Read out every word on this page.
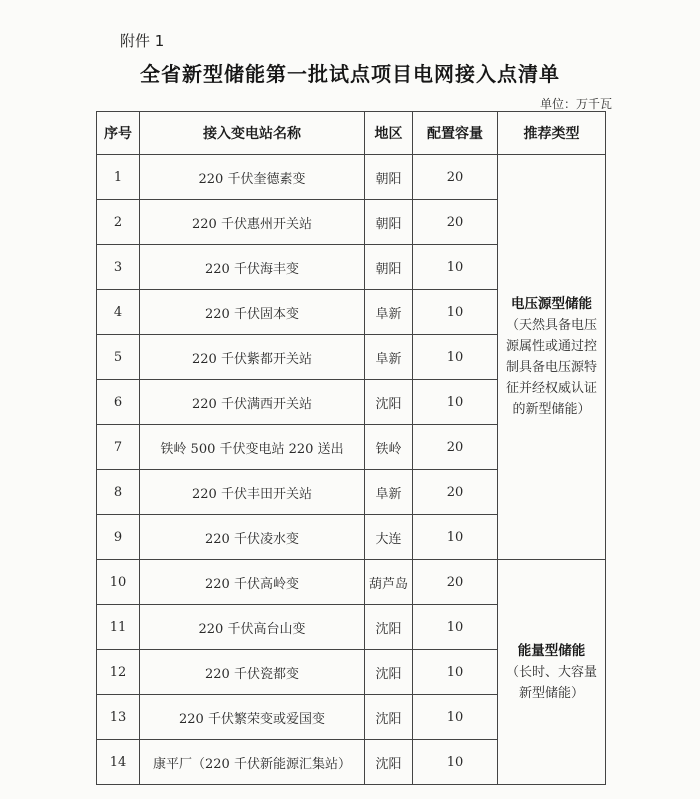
附件 1
全省新型储能第一批试点项目电网接入点清单
单位：万千瓦
序号	接入变电站名称	地区	配置容量	推荐类型
1	220 千伏奎德素变	朝阳	20	电压源型储能
（天然具备电压源属性或通过控制具备电压源特征并经权威认证的新型储能）

2	220 千伏惠州开关站	朝阳	20	
3	220 千伏海丰变	朝阳	10	
4	220 千伏固本变	阜新	10	
5	220 千伏紫都开关站	阜新	10	
6	220 千伏满西开关站	沈阳	10	
7	铁岭 500 千伏变电站 220 送出	铁岭	20	
8	220 千伏丰田开关站	阜新	20	
9	220 千伏凌水变	大连	10	
10	220 千伏高岭变	葫芦岛	20	能量型储能
（长时、大容量新型储能）

11	220 千伏高台山变	沈阳	10	
12	220 千伏瓷都变	沈阳	10	
13	220 千伏繁荣变或爱国变	沈阳	10	
14	康平厂（220 千伏新能源汇集站）	沈阳	10	
